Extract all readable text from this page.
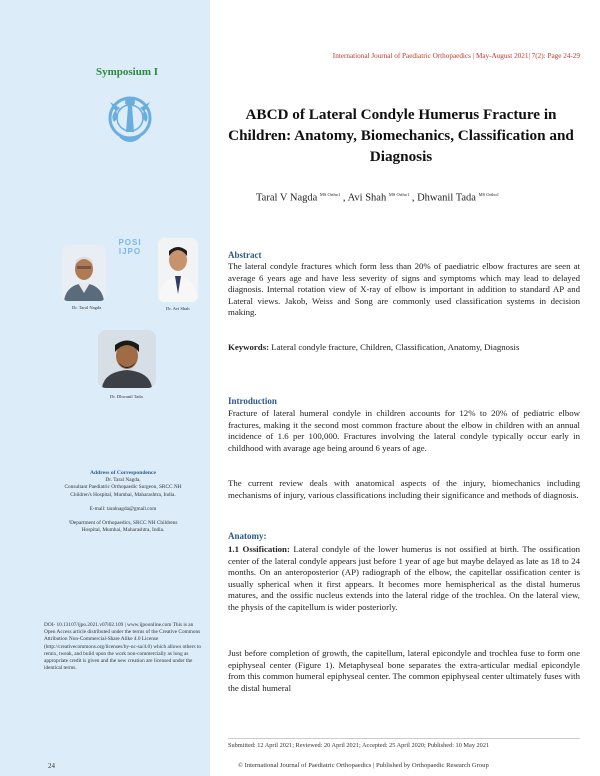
International Journal of Paediatric Orthopaedics | May-August 2021| 7(2): Page 24-29
Symposium I
POSI
IJPO
Dr. Taral Nagda	Dr. Avi Shah
Dr. Dhwanil Tada
Address of Correspondence
Dr. Taral Nagda,
Consultant Paediatric Orthopaedic Surgeon, SRCC NH
Children's Hospital, Mumbai, Maharashtra, India.
E-mail: taralnagda@gmail.com
¹Department of Orthopaedics, SRCC NH Childrens
Hospital, Mumbai, Maharashtra, India.
DOI- 10.13107/ijpo.2021.v07i02.109 | www.ijpoonline.com This is an Open Access article distributed under the terms of the Creative Commons Attribution Non-Commercial-Share Alike 4.0 License (http://creativecommons.org/licenses/by-nc-sa/4.0) which allows others to remix, tweak, and build upon the work non-commercially as long as appropriate credit is given and the new creation are licensed under the identical terms.
ABCD of Lateral Condyle Humerus Fracture in Children: Anatomy, Biomechanics, Classification and Diagnosis
Taral V Nagda $^{MS Ortho1}$ , Avi Shah $^{MS Ortho1}$ , Dhwanil Tada $^{MS Ortho1}$
Abstract
The lateral condyle fractures which form less than 20% of paediatric elbow fractures are seen at average 6 years age and have less severity of signs and symptoms which may lead to delayed diagnosis. Internal rotation view of X-ray of elbow is important in addition to standard AP and Lateral views. Jakob, Weiss and Song are commonly used classification systems in decision making.
Keywords: Lateral condyle fracture, Children, Classification, Anatomy, Diagnosis
Introduction
Fracture of lateral humeral condyle in children accounts for 12% to 20% of pediatric elbow fractures, making it the second most common fracture about the elbow in children with an annual incidence of 1.6 per 100,000. Fractures involving the lateral condyle typically occur early in childhood with avarage age being around 6 years of age.
The current review deals with anatomical aspects of the injury, biomechanics including mechanisms of injury, various classifications including their significance and methods of diagnosis.
Anatomy:
1.1 Ossification: Lateral condyle of the lower humerus is not ossified at birth. The ossification center of the lateral condyle appears just before 1 year of age but maybe delayed as late as 18 to 24 months. On an anteroposterior (AP) radiograph of the elbow, the capitellar ossification center is usually spherical when it first appears. It becomes more hemispherical as the distal humerus matures, and the ossific nucleus extends into the lateral ridge of the trochlea. On the lateral view, the physis of the capitellum is wider posteriorly.
Just before completion of growth, the capitellum, lateral epicondyle and trochlea fuse to form one epiphyseal center (Figure 1). Metaphyseal bone separates the extra-articular medial epicondyle from this common humeral epiphyseal center. The common epiphyseal center ultimately fuses with the distal humeral
Submitted: 12 April 2021; Reviewed: 20 April 2021; Accepted: 25 April 2020; Published: 10 May 2021
24	© International Journal of Paediatric Orthopaedics | Published by Orthopaedic Research Group
